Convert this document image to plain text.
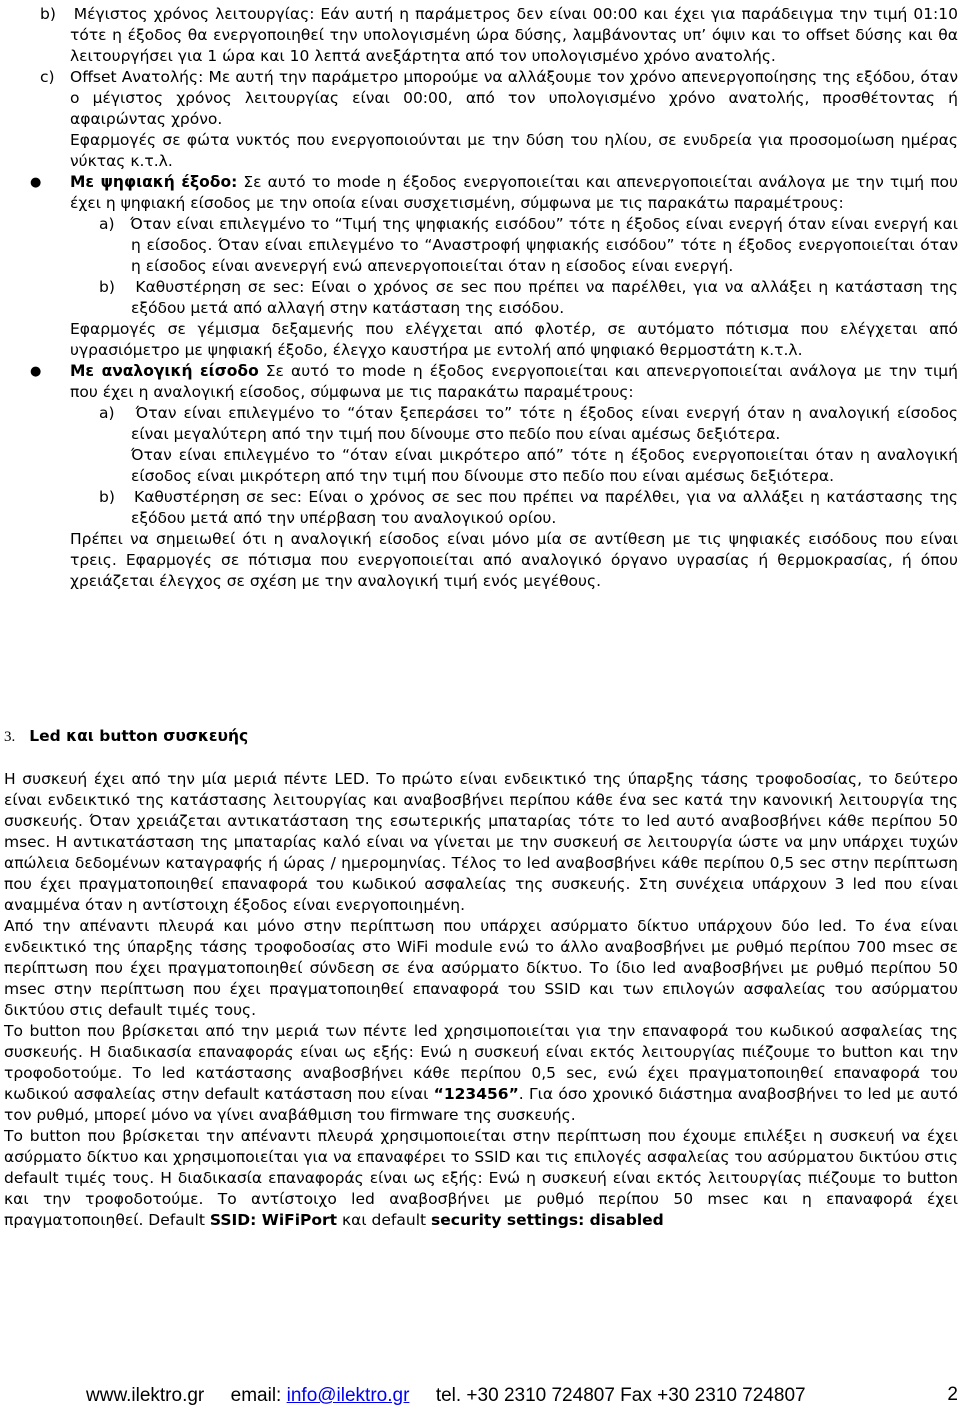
b) Μέγιστος χρόνος λειτουργίας: Εάν αυτή η παράμετρος δεν είναι 00:00 και έχει για παράδειγμα την τιμή 01:10 τότε η έξοδος θα ενεργοποιηθεί την υπολογισμένη ώρα δύσης, λαμβάνοντας υπ’ όψιν και το offset δύσης και θα λειτουργήσει για 1 ώρα και 10 λεπτά ανεξάρτητα από τον υπολογισμένο χρόνο ανατολής.

c) Offset Ανατολής: Με αυτή την παράμετρο μπορούμε να αλλάξουμε τον χρόνο απενεργοποίησης της εξόδου, όταν ο μέγιστος χρόνος λειτουργίας είναι 00:00, από τον υπολογισμένο χρόνο ανατολής, προσθέτοντας ή αφαιρώντας χρόνο.

Εφαρμογές σε φώτα νυκτός που ενεργοποιούνται με την δύση του ηλίου, σε ενυδρεία για προσομοίωση ημέρας νύκτας κ.τ.λ.

● Με ψηφιακή έξοδο: Σε αυτό το mode η έξοδος ενεργοποιείται και απενεργοποιείται ανάλογα με την τιμή που έχει η ψηφιακή είσοδος με την οποία είναι συσχετισμένη, σύμφωνα με τις παρακάτω παραμέτρους:

a) Όταν είναι επιλεγμένο το “Τιμή της ψηφιακής εισόδου” τότε η έξοδος είναι ενεργή όταν είναι ενεργή και η είσοδος. Όταν είναι επιλεγμένο το “Αναστροφή ψηφιακής εισόδου” τότε η έξοδος ενεργοποιείται όταν η είσοδος είναι ανενεργή ενώ απενεργοποιείται όταν η είσοδος είναι ενεργή.

b) Καθυστέρηση σε sec: Είναι ο χρόνος σε sec που πρέπει να παρέλθει, για να αλλάξει η κατάσταση της εξόδου μετά από αλλαγή στην κατάσταση της εισόδου.

Εφαρμογές σε γέμισμα δεξαμενής που ελέγχεται από φλοτέρ, σε αυτόματο πότισμα που ελέγχεται από υγρασιόμετρο με ψηφιακή έξοδο, έλεγχο καυστήρα με εντολή από ψηφιακό θερμοστάτη κ.τ.λ.

● Με αναλογική είσοδο Σε αυτό το mode η έξοδος ενεργοποιείται και απενεργοποιείται ανάλογα με την τιμή που έχει η αναλογική είσοδος, σύμφωνα με τις παρακάτω παραμέτρους:

a) Όταν είναι επιλεγμένο το “όταν ξεπεράσει το” τότε η έξοδος είναι ενεργή όταν η αναλογική είσοδος είναι μεγαλύτερη από την τιμή που δίνουμε στο πεδίο που είναι αμέσως δεξιότερα.

Όταν είναι επιλεγμένο το “όταν είναι μικρότερο από” τότε η έξοδος ενεργοποιείται όταν η αναλογική είσοδος είναι μικρότερη από την τιμή που δίνουμε στο πεδίο που είναι αμέσως δεξιότερα.

b) Καθυστέρηση σε sec: Είναι ο χρόνος σε sec που πρέπει να παρέλθει, για να αλλάξει η κατάστασης της εξόδου μετά από την υπέρβαση του αναλογικού ορίου.

Πρέπει να σημειωθεί ότι η αναλογική είσοδος είναι μόνο μία σε αντίθεση με τις ψηφιακές εισόδους που είναι τρεις. Εφαρμογές σε πότισμα που ενεργοποιείται από αναλογικό όργανο υγρασίας ή θερμοκρασίας, ή όπου χρειάζεται έλεγχος σε σχέση με την αναλογική τιμή ενός μεγέθους.

3. Led και button συσκευής

Η συσκευή έχει από την μία μεριά πέντε LED. Το πρώτο είναι ενδεικτικό της ύπαρξης τάσης τροφοδοσίας, το δεύτερο είναι ενδεικτικό της κατάστασης λειτουργίας και αναβοσβήνει περίπου κάθε ένα sec κατά την κανονική λειτουργία της συσκευής. Όταν χρειάζεται αντικατάσταση της εσωτερικής μπαταρίας τότε το led αυτό αναβοσβήνει κάθε περίπου 50 msec. Η αντικατάσταση της μπαταρίας καλό είναι να γίνεται με την συσκευή σε λειτουργία ώστε να μην υπάρχει τυχών απώλεια δεδομένων καταγραφής ή ώρας / ημερομηνίας. Τέλος το led αναβοσβήνει κάθε περίπου 0,5 sec στην περίπτωση που έχει πραγματοποιηθεί επαναφορά του κωδικού ασφαλείας της συσκευής. Στη συνέχεια υπάρχουν 3 led που είναι αναμμένα όταν η αντίστοιχη έξοδος είναι ενεργοποιημένη.

Από την απέναντι πλευρά και μόνο στην περίπτωση που υπάρχει ασύρματο δίκτυο υπάρχουν δύο led. Το ένα είναι ενδεικτικό της ύπαρξης τάσης τροφοδοσίας στο WiFi module ενώ το άλλο αναβοσβήνει με ρυθμό περίπου 700 msec σε περίπτωση που έχει πραγματοποιηθεί σύνδεση σε ένα ασύρματο δίκτυο. Το ίδιο led αναβοσβήνει με ρυθμό περίπου 50 msec στην περίπτωση που έχει πραγματοποιηθεί επαναφορά του SSID και των επιλογών ασφαλείας του ασύρματου δικτύου στις default τιμές τους.

Το button που βρίσκεται από την μεριά των πέντε led χρησιμοποιείται για την επαναφορά του κωδικού ασφαλείας της συσκευής. Η διαδικασία επαναφοράς είναι ως εξής: Ενώ η συσκευή είναι εκτός λειτουργίας πιέζουμε το button και την τροφοδοτούμε. Το led κατάστασης αναβοσβήνει κάθε περίπου 0,5 sec, ενώ έχει πραγματοποιηθεί επαναφορά του κωδικού ασφαλείας στην default κατάσταση που είναι “123456”. Για όσο χρονικό διάστημα αναβοσβήνει το led με αυτό τον ρυθμό, μπορεί μόνο να γίνει αναβάθμιση του firmware της συσκευής.

Το button που βρίσκεται την απέναντι πλευρά χρησιμοποιείται στην περίπτωση που έχουμε επιλέξει η συσκευή να έχει ασύρματο δίκτυο και χρησιμοποιείται για να επαναφέρει το SSID και τις επιλογές ασφαλείας του ασύρματου δικτύου στις default τιμές τους. Η διαδικασία επαναφοράς είναι ως εξής: Ενώ η συσκευή είναι εκτός λειτουργίας πιέζουμε το button και την τροφοδοτούμε. Το αντίστοιχο led αναβοσβήνει με ρυθμό περίπου 50 msec και η επαναφορά έχει πραγματοποιηθεί. Default SSID: WiFiPort και default security settings: disabled

www.ilektro.gr email: info@ilektro.gr tel. +30 2310 724807 Fax +30 2310 724807	2
